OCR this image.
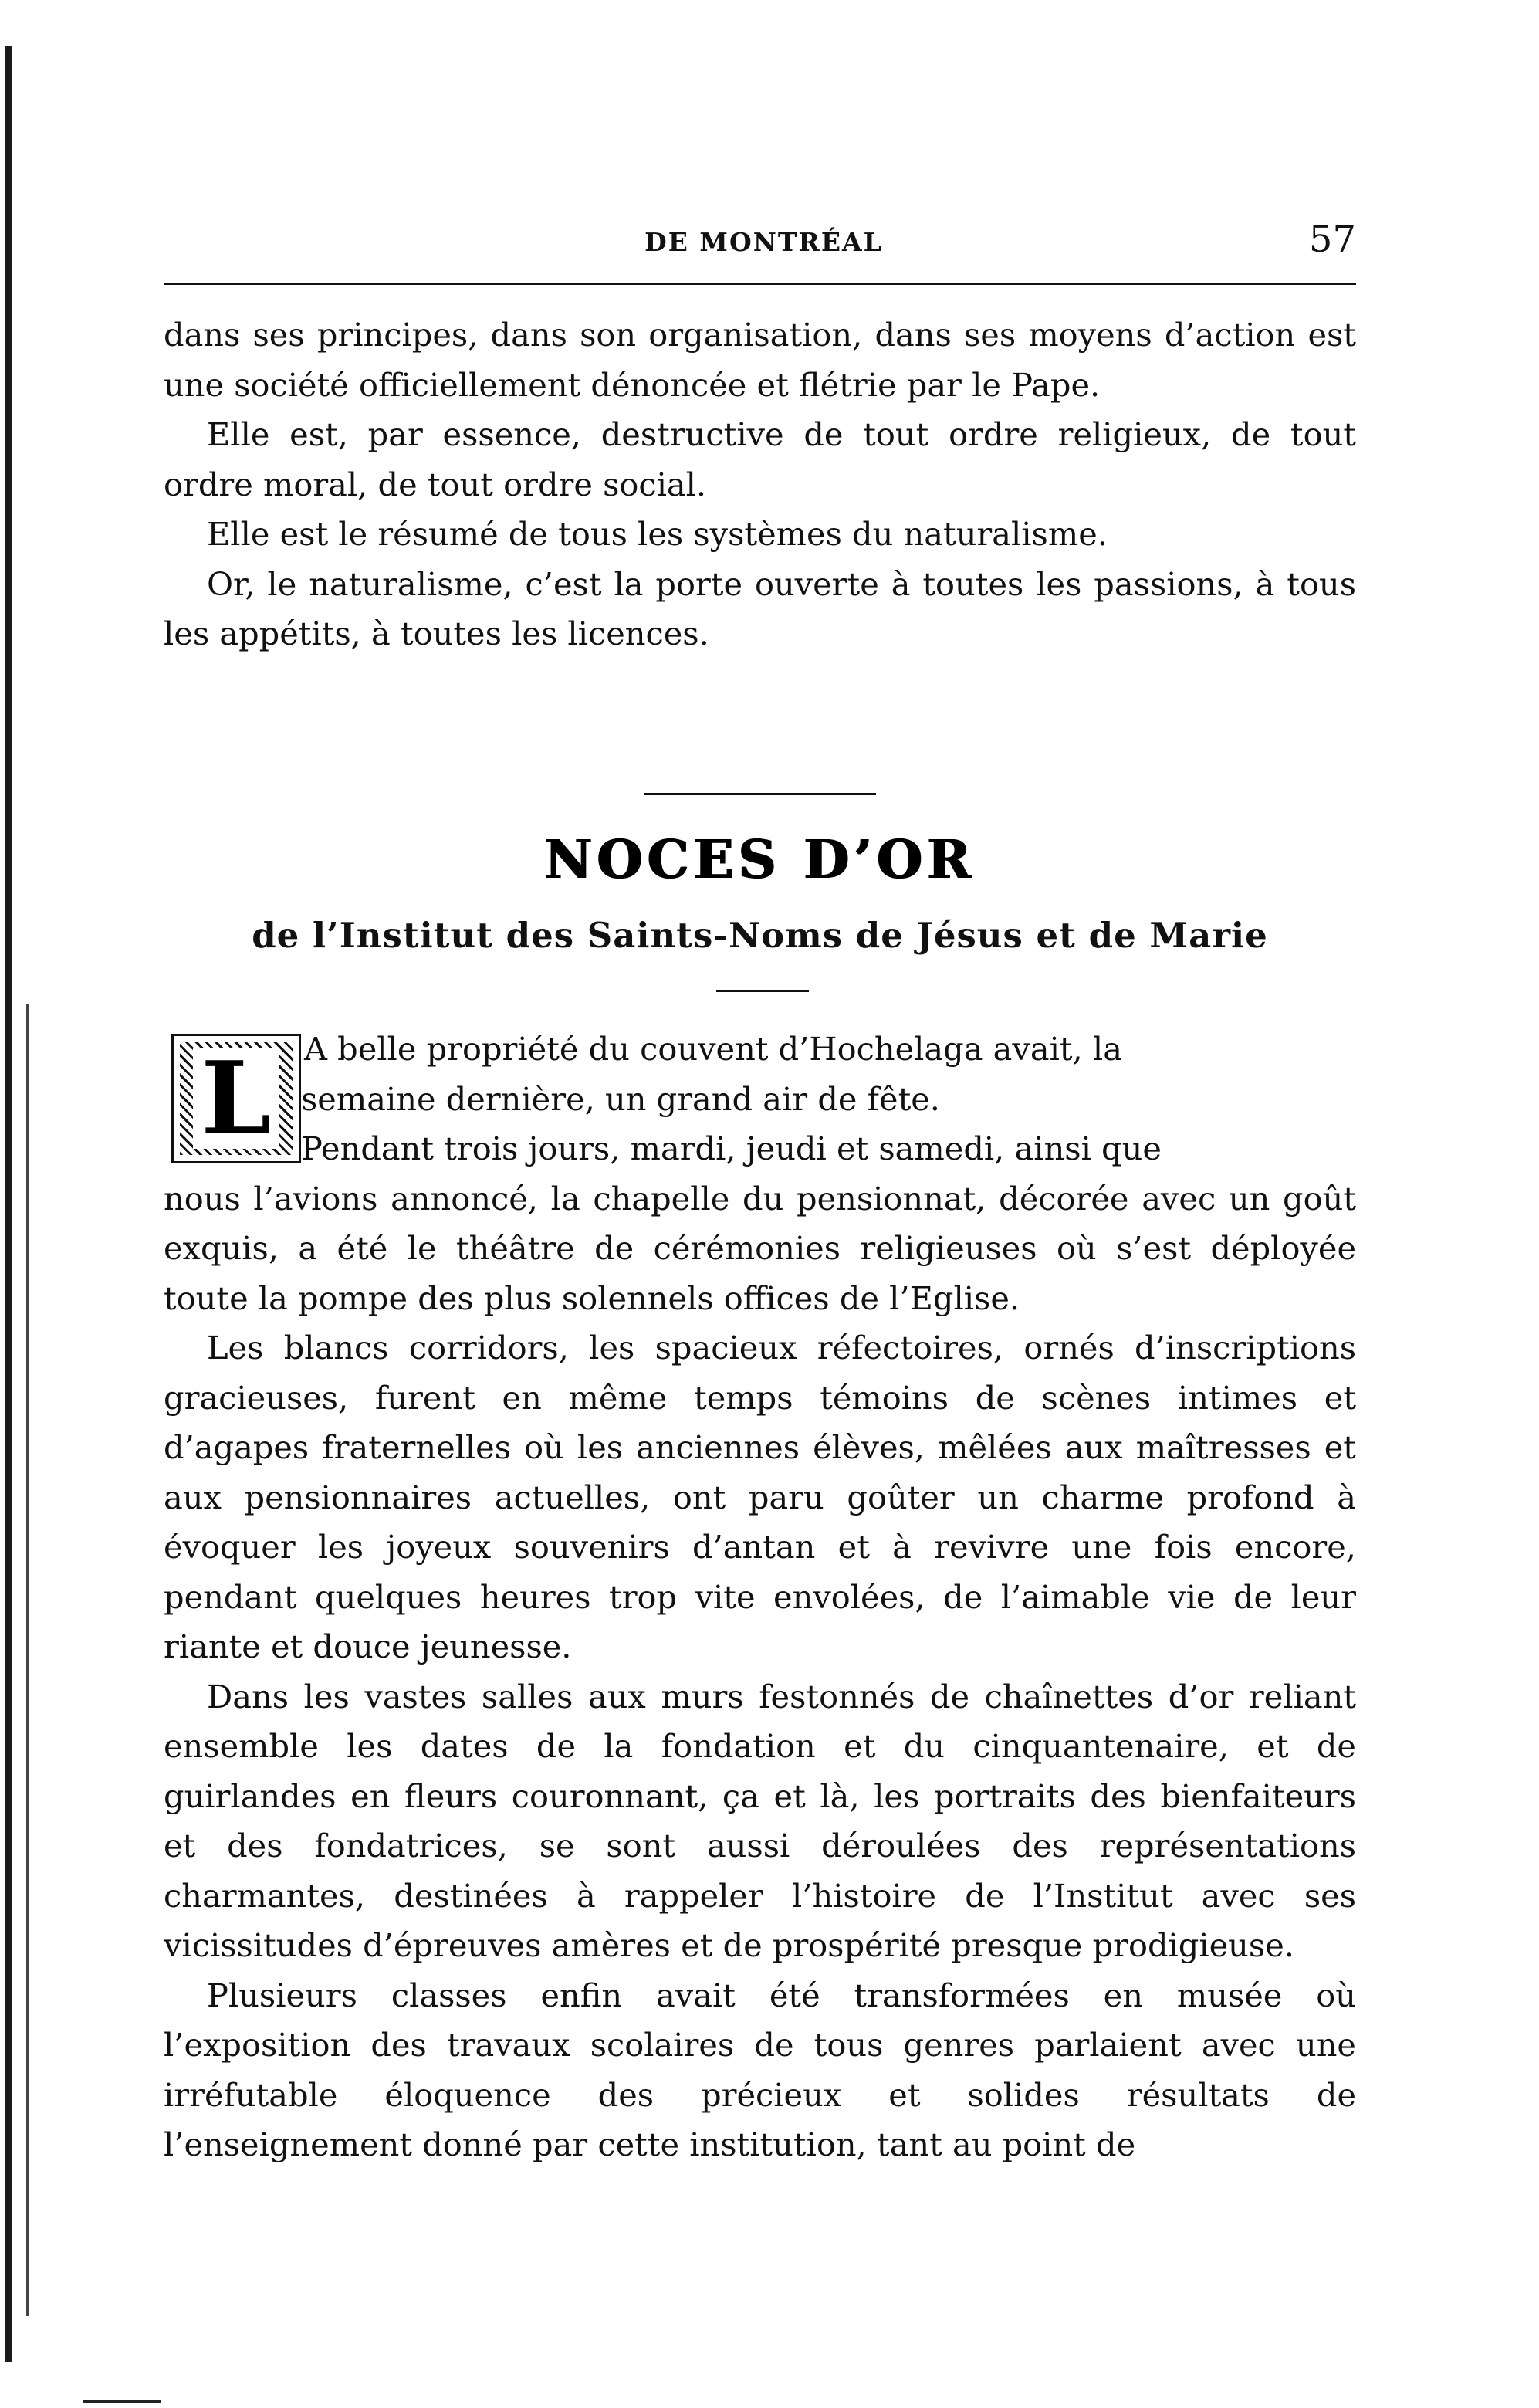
DE MONTRÉAL	57

dans ses principes, dans son organisation, dans ses moyens d’action est une société officiellement dénoncée et flétrie par le Pape.

Elle est, par essence, destructive de tout ordre religieux, de tout ordre moral, de tout ordre social.

Elle est le résumé de tous les systèmes du naturalisme.

Or, le naturalisme, c’est la porte ouverte à toutes les passions, à tous les appétits, à toutes les licences.

NOCES D’OR
de l’Institut des Saints-Noms de Jésus et de Marie
L	A belle propriété du couvent d’Hochelaga avait, la
semaine dernière, un grand air de fête.

Pendant trois jours, mardi, jeudi et samedi, ainsi que
nous l’avions annoncé, la chapelle du pensionnat, décorée avec un goût exquis, a été le théâtre de cérémonies religieuses où s’est déployée toute la pompe des plus solennels offices de l’Eglise.

Les blancs corridors, les spacieux réfectoires, ornés d’inscriptions gracieuses, furent en même temps témoins de scènes intimes et d’agapes fraternelles où les anciennes élèves, mêlées aux maîtresses et aux pensionnaires actuelles, ont paru goûter un charme profond à évoquer les joyeux souvenirs d’antan et à revivre une fois encore, pendant quelques heures trop vite envolées, de l’aimable vie de leur riante et douce jeunesse.

Dans les vastes salles aux murs festonnés de chaînettes d’or reliant ensemble les dates de la fondation et du cinquantenaire, et de guirlandes en fleurs couronnant, ça et là, les portraits des bienfaiteurs et des fondatrices, se sont aussi déroulées des représentations charmantes, destinées à rappeler l’histoire de l’Institut avec ses vicissitudes d’épreuves amères et de prospérité presque prodigieuse.

Plusieurs classes enfin avait été transformées en musée où l’exposition des travaux scolaires de tous genres parlaient avec une irréfutable éloquence des précieux et solides résultats de l’enseignement donné par cette institution, tant au point de
